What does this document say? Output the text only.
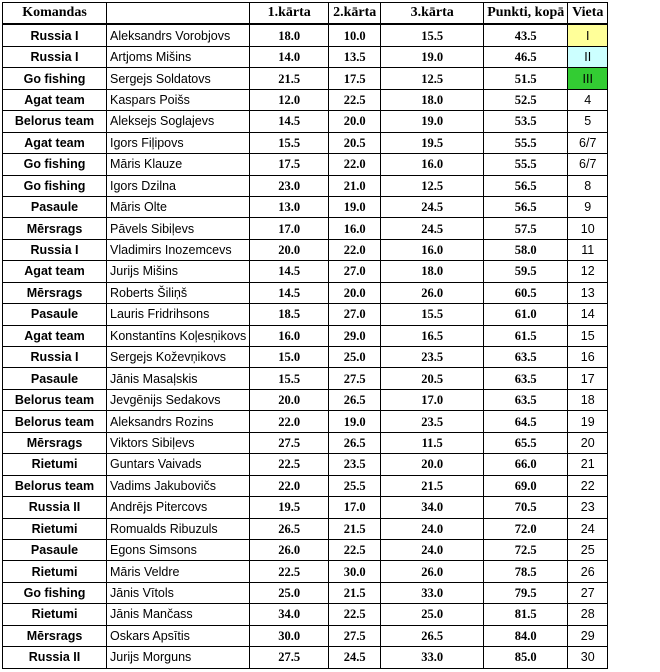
Komandas		1.kārta	2.kārta	3.kārta	Punkti, kopā	Vieta
Russia I	Aleksandrs Vorobjovs	18.0	10.0	15.5	43.5	I
Russia I	Artjoms Mišins	14.0	13.5	19.0	46.5	II
Go fishing	Sergejs Soldatovs	21.5	17.5	12.5	51.5	III
Agat team	Kaspars Poišs	12.0	22.5	18.0	52.5	4
Belorus team	Aleksejs Soglajevs	14.5	20.0	19.0	53.5	5
Agat team	Igors Fiļipovs	15.5	20.5	19.5	55.5	6/7
Go fishing	Māris Klauze	17.5	22.0	16.0	55.5	6/7
Go fishing	Igors Dzilna	23.0	21.0	12.5	56.5	8
Pasaule	Māris Olte	13.0	19.0	24.5	56.5	9
Mērsrags	Pāvels Sibiļevs	17.0	16.0	24.5	57.5	10
Russia I	Vladimirs Inozemcevs	20.0	22.0	16.0	58.0	11
Agat team	Jurijs Mišins	14.5	27.0	18.0	59.5	12
Mērsrags	Roberts Šiliņš	14.5	20.0	26.0	60.5	13
Pasaule	Lauris Fridrihsons	18.5	27.0	15.5	61.0	14
Agat team	Konstantīns Koļesņikovs	16.0	29.0	16.5	61.5	15
Russia I	Sergejs Koževņikovs	15.0	25.0	23.5	63.5	16
Pasaule	Jānis Masaļskis	15.5	27.5	20.5	63.5	17
Belorus team	Jevgēnijs Sedakovs	20.0	26.5	17.0	63.5	18
Belorus team	Aleksandrs Rozins	22.0	19.0	23.5	64.5	19
Mērsrags	Viktors Sibiļevs	27.5	26.5	11.5	65.5	20
Rietumi	Guntars Vaivads	22.5	23.5	20.0	66.0	21
Belorus team	Vadims Jakubovičs	22.0	25.5	21.5	69.0	22
Russia II	Andrējs Pitercovs	19.5	17.0	34.0	70.5	23
Rietumi	Romualds Ribuzuls	26.5	21.5	24.0	72.0	24
Pasaule	Egons Simsons	26.0	22.5	24.0	72.5	25
Rietumi	Māris Veldre	22.5	30.0	26.0	78.5	26
Go fishing	Jānis Vītols	25.0	21.5	33.0	79.5	27
Rietumi	Jānis Mančass	34.0	22.5	25.0	81.5	28
Mērsrags	Oskars Apsītis	30.0	27.5	26.5	84.0	29
Russia II	Jurijs Morguns	27.5	24.5	33.0	85.0	30
